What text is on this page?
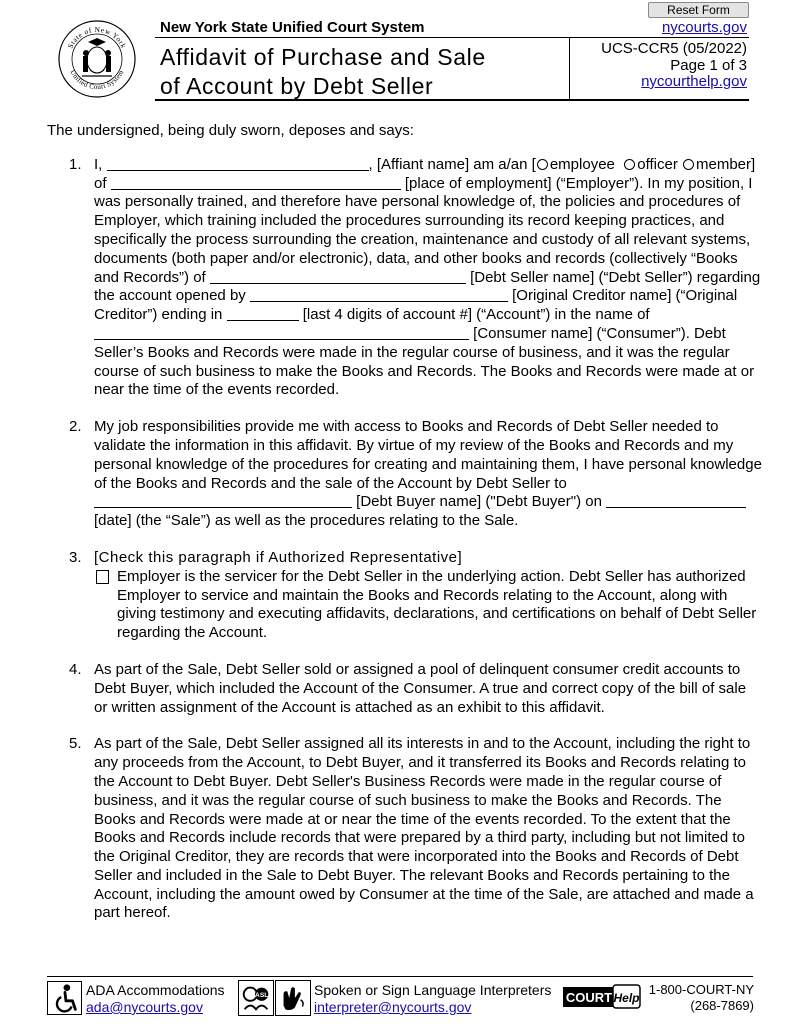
Reset Form
State of New York
Unified Court System
New York State Unified Court System
Affidavit of Purchase and Sale
of Account by Debt Seller
nycourts.gov
UCS-CCR5 (05/2022)
Page 1 of 3
nycourthelp.gov
The undersigned, being duly sworn, deposes and says:
1. I,	, [Affiant name] am a/an [ employee officer member] of	[place of employment] (“Employer”). In my position, I was personally trained, and therefore have personal knowledge of, the policies and procedures of Employer, which training included the procedures surrounding its record keeping practices, and specifically the process surrounding the creation, maintenance and custody of all relevant systems, documents (both paper and/or electronic), data, and other books and records (collectively “Books and Records”) of	[Debt Seller name] (“Debt Seller”) regarding the account opened by	[Original Creditor name] (“Original Creditor”) ending in	[last 4 digits of account #] (“Account”) in the name of  [Consumer name] (“Consumer”). Debt Seller’s Books and Records were made in the regular course of business, and it was the regular course of such business to make the Books and Records. The Books and Records were made at or near the time of the events recorded.
2. My job responsibilities provide me with access to Books and Records of Debt Seller needed to validate the information in this affidavit. By virtue of my review of the Books and Records and my personal knowledge of the procedures for creating and maintaining them, I have personal knowledge of the Books and Records and the sale of the Account by Debt Seller to  [Debt Buyer name] ("Debt Buyer") on  [date] (the “Sale”) as well as the procedures relating to the Sale.
3. [Check this paragraph if Authorized Representative]
Employer is the servicer for the Debt Seller in the underlying action. Debt Seller has authorized Employer to service and maintain the Books and Records relating to the Account, along with giving testimony and executing affidavits, declarations, and certifications on behalf of Debt Seller regarding the Account.
4. As part of the Sale, Debt Seller sold or assigned a pool of delinquent consumer credit accounts to Debt Buyer, which included the Account of the Consumer. A true and correct copy of the bill of sale or written assignment of the Account is attached as an exhibit to this affidavit.
5. As part of the Sale, Debt Seller assigned all its interests in and to the Account, including the right to any proceeds from the Account, to Debt Buyer, and it transferred its Books and Records relating to the Account to Debt Buyer. Debt Seller's Business Records were made in the regular course of business, and it was the regular course of such business to make the Books and Records. The Books and Records were made at or near the time of the events recorded. To the extent that the Books and Records include records that were prepared by a third party, including but not limited to the Original Creditor, they are records that were incorporated into the Books and Records of Debt Seller and included in the Sale to Debt Buyer. The relevant Books and Records pertaining to the Account, including the amount owed by Consumer at the time of the Sale, are attached and made a part hereof.
ADA Accommodations
ada@nycourts.gov
ASL	Spoken or Sign Language Interpreters
interpreter@nycourts.gov
COURT Help
1-800-COURT-NY
(268-7869)
